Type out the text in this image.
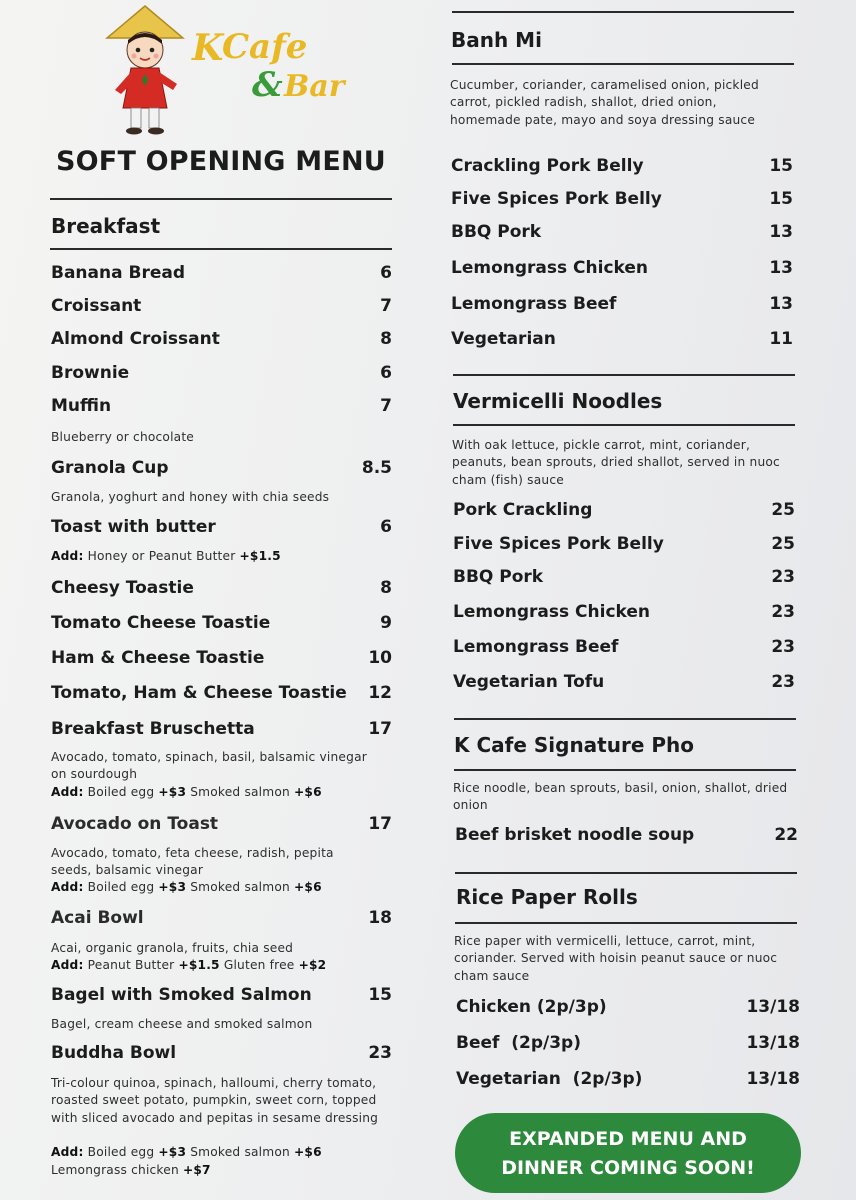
K
Cafe
& Bar
SOFT OPENING MENU
Breakfast
Banana Bread	6
Croissant	7
Almond Croissant	8
Brownie	6
Muffin	7
Blueberry or chocolate
Granola Cup	8.5
Granola, yoghurt and honey with chia seeds
Toast with butter	6
Add: Honey or Peanut Butter +$1.5
Cheesy Toastie	8
Tomato Cheese Toastie	9
Ham & Cheese Toastie	10
Tomato, Ham & Cheese Toastie 12
Breakfast Bruschetta	17
Avocado, tomato, spinach, basil, balsamic vinegar on sourdough
Add: Boiled egg +$3 Smoked salmon +$6
Avocado on Toast	17
Avocado, tomato, feta cheese, radish, pepita seeds, balsamic vinegar
Add: Boiled egg +$3 Smoked salmon +$6
Acai Bowl	18
Acai, organic granola, fruits, chia seed
Add: Peanut Butter +$1.5 Gluten free +$2
Bagel with Smoked Salmon	15
Bagel, cream cheese and smoked salmon
Buddha Bowl	23
Tri-colour quinoa, spinach, halloumi, cherry tomato, roasted sweet potato, pumpkin, sweet corn, topped with sliced avocado and pepitas in sesame dressing
Add: Boiled egg +$3 Smoked salmon +$6
Lemongrass chicken +$7
Banh Mi
Cucumber, coriander, caramelised onion, pickled carrot, pickled radish, shallot, dried onion, homemade pate, mayo and soya dressing sauce
Crackling Pork Belly	15
Five Spices Pork Belly	15
BBQ Pork	13
Lemongrass Chicken	13
Lemongrass Beef	13
Vegetarian	11
Vermicelli Noodles
With oak lettuce, pickle carrot, mint, coriander, peanuts, bean sprouts, dried shallot, served in nuoc cham (fish) sauce
Pork Crackling	25
Five Spices Pork Belly	25
BBQ Pork	23
Lemongrass Chicken	23
Lemongrass Beef	23
Vegetarian Tofu	23
K Cafe Signature Pho
Rice noodle, bean sprouts, basil, onion, shallot, dried onion
Beef brisket noodle soup	22
Rice Paper Rolls
Rice paper with vermicelli, lettuce, carrot, mint, coriander. Served with hoisin peanut sauce or nuoc cham sauce
Chicken (2p/3p)	13/18
Beef  (2p/3p)	13/18
Vegetarian  (2p/3p)	13/18
EXPANDED MENU AND
DINNER COMING SOON!
